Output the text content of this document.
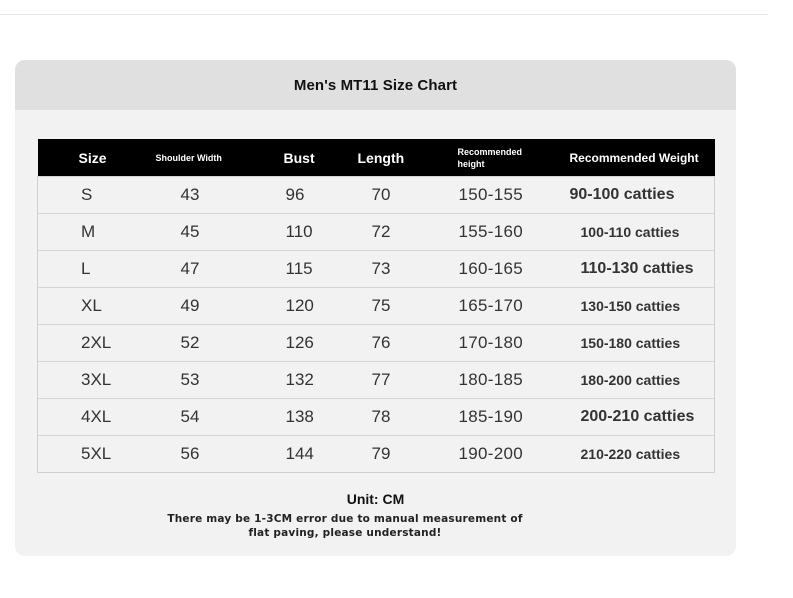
Men's MT11 Size Chart
Size	Shoulder Width	Bust	Length	Recommended height	Recommended Weight
S	43	96	70	150-155	90-100 catties
M	45	110	72	155-160	100-110 catties
L	47	115	73	160-165	110-130 catties
XL	49	120	75	165-170	130-150 catties
2XL	52	126	76	170-180	150-180 catties
3XL	53	132	77	180-185	180-200 catties
4XL	54	138	78	185-190	200-210 catties
5XL	56	144	79	190-200	210-220 catties
Unit: CM
There may be 1-3CM error due to manual measurement of flat paving, please understand!
